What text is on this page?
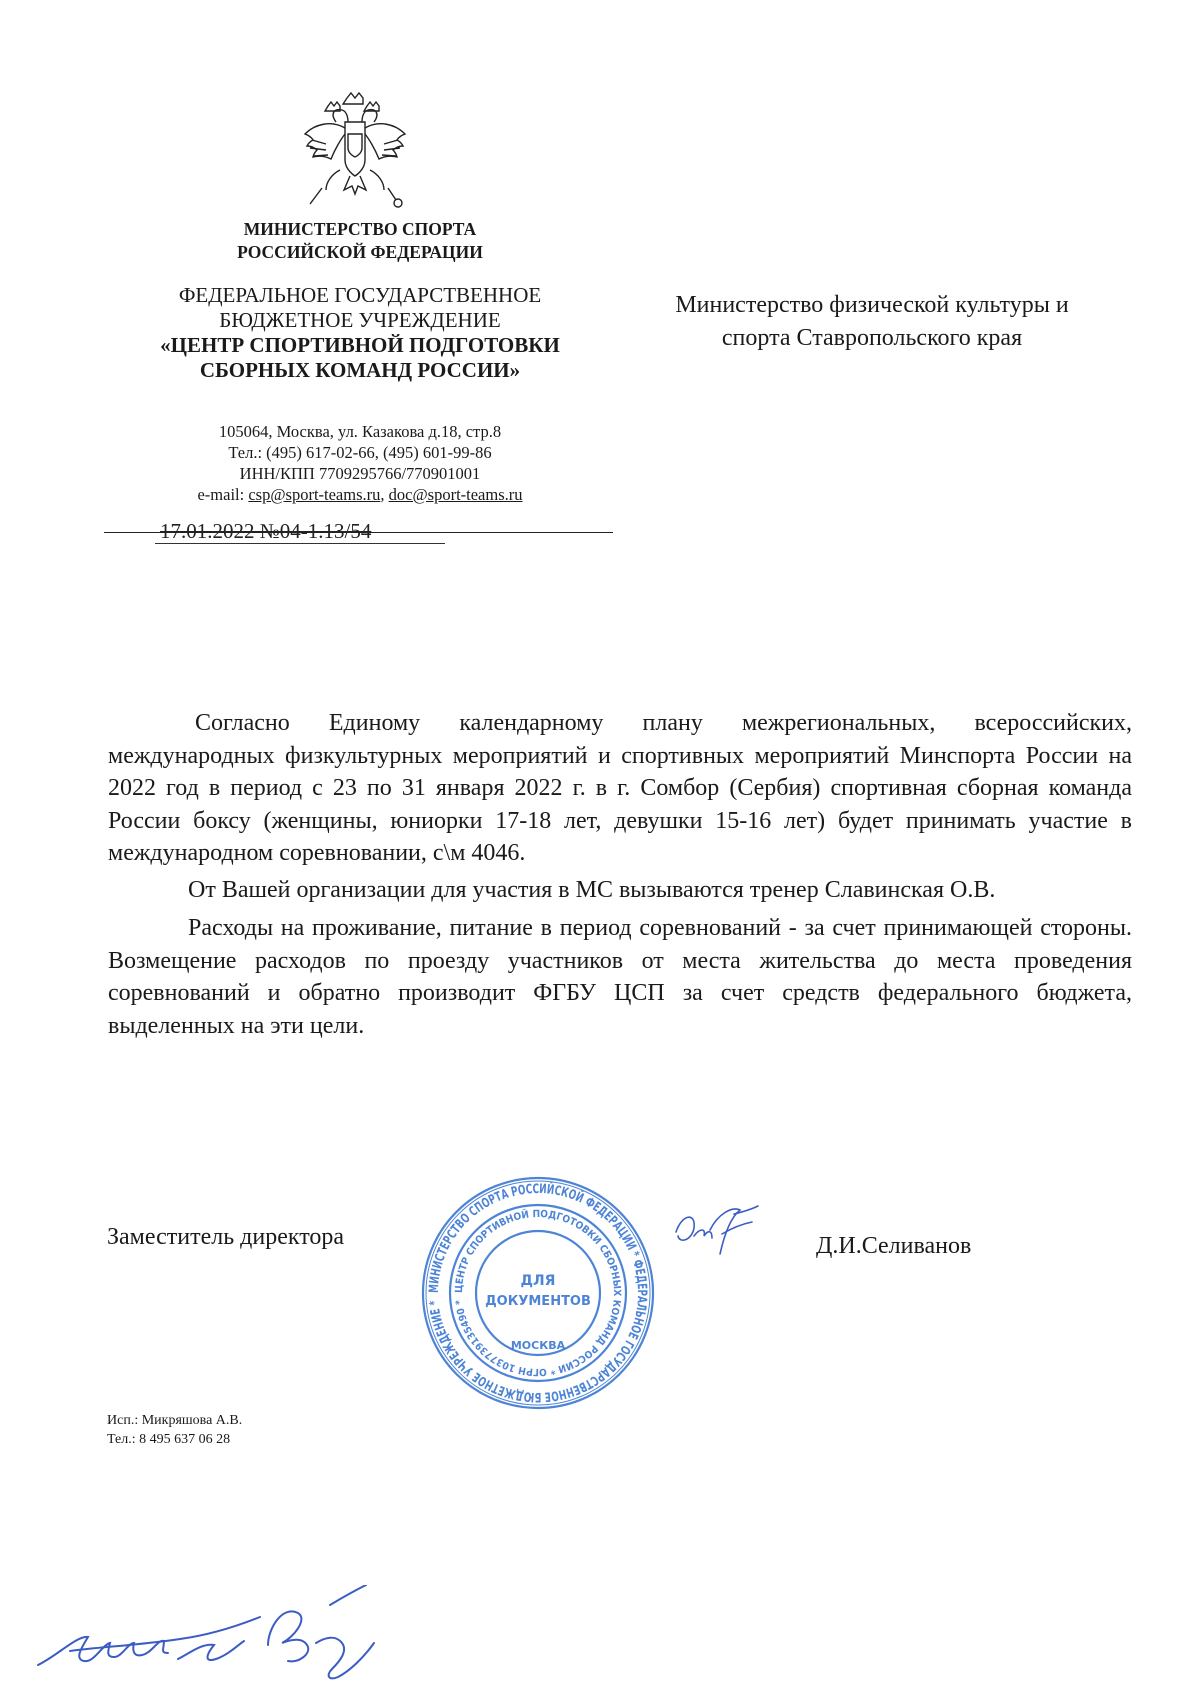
МИНИСТЕРСТВО СПОРТА
РОССИЙСКОЙ ФЕДЕРАЦИИ
ФЕДЕРАЛЬНОЕ ГОСУДАРСТВЕННОЕ
БЮДЖЕТНОЕ УЧРЕЖДЕНИЕ
«ЦЕНТР СПОРТИВНОЙ ПОДГОТОВКИ
СБОРНЫХ КОМАНД РОССИИ»
105064, Москва, ул. Казакова д.18, стр.8
Тел.: (495) 617-02-66, (495) 601-99-86
ИНН/КПП 7709295766/770901001
e-mail: csp@sport-teams.ru, doc@sport-teams.ru
17.01.2022 №04-1.13/54
Министерство физической культуры и
спорта Ставропольского края

Согласно Единому календарному плану межрегиональных, всероссийских, международных физкультурных мероприятий и спортивных мероприятий Минспорта России на 2022 год в период с 23 по 31 января 2022 г. в г. Сомбор (Сербия) спортивная сборная команда России боксу (женщины, юниорки 17-18 лет, девушки 15-16 лет) будет принимать участие в международном соревновании, с\м 4046.

От Вашей организации для участия в МС вызываются тренер Славинская О.В.

Расходы на проживание, питание в период соревнований - за счет принимающей стороны. Возмещение расходов по проезду участников от места жительства до места проведения соревнований и обратно производит ФГБУ ЦСП за счет средств федерального бюджета, выделенных на эти цели.

Заместитель директора	Д.И.Селиванов
МИНИСТЕРСТВО СПОРТА РОССИЙСКОЙ ФЕДЕРАЦИИ * ФЕДЕРАЛЬНОЕ ГОСУДАРСТВЕННОЕ БЮДЖЕТНОЕ УЧРЕЖДЕНИЕ *
ЦЕНТР СПОРТИВНОЙ ПОДГОТОВКИ СБОРНЫХ КОМАНД РОССИИ * ОГРН 1037739135490 *
ДЛЯ
ДОКУМЕНТОВ
МОСКВА
Исп.: Микряшова А.В.
Тел.: 8 495 637 06 28
